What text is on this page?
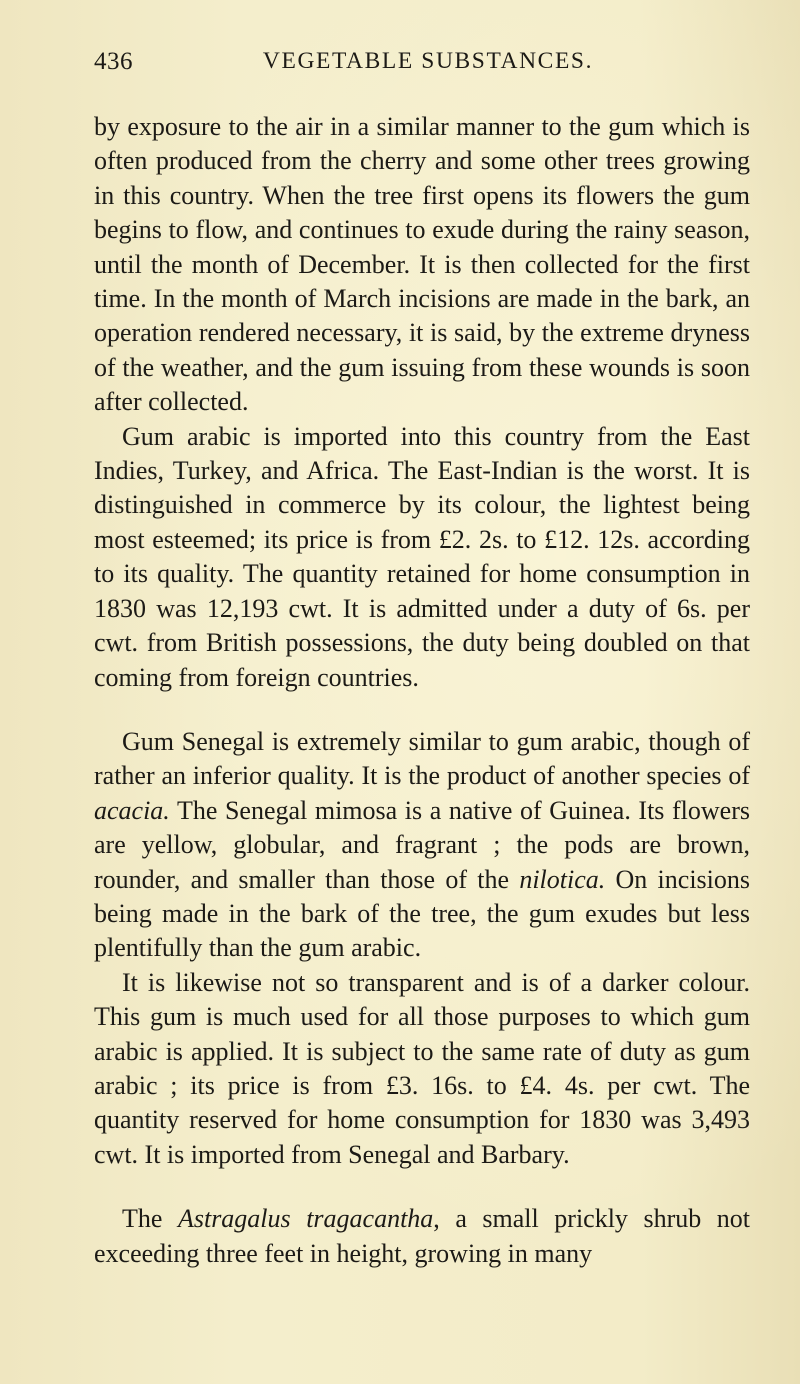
436	VEGETABLE SUBSTANCES.

by exposure to the air in a similar manner to the gum which is often produced from the cherry and some other trees growing in this country. When the tree first opens its flowers the gum begins to flow, and continues to exude during the rainy season, until the month of December. It is then collected for the first time. In the month of March incisions are made in the bark, an operation rendered necessary, it is said, by the extreme dryness of the weather, and the gum issuing from these wounds is soon after collected.

Gum arabic is imported into this country from the East Indies, Turkey, and Africa. The East-Indian is the worst. It is distinguished in commerce by its colour, the lightest being most esteemed; its price is from £2. 2s. to £12. 12s. according to its quality. The quantity retained for home consumption in 1830 was 12,193 cwt. It is admitted under a duty of 6s. per cwt. from British possessions, the duty being doubled on that coming from foreign countries.

Gum Senegal is extremely similar to gum arabic, though of rather an inferior quality. It is the product of another species of acacia. The Senegal mimosa is a native of Guinea. Its flowers are yellow, globular, and fragrant ; the pods are brown, rounder, and smaller than those of the nilotica. On incisions being made in the bark of the tree, the gum exudes but less plentifully than the gum arabic.

It is likewise not so transparent and is of a darker colour. This gum is much used for all those purposes to which gum arabic is applied. It is subject to the same rate of duty as gum arabic ; its price is from £3. 16s. to £4. 4s. per cwt. The quantity reserved for home consumption for 1830 was 3,493 cwt. It is imported from Senegal and Barbary.

The Astragalus tragacantha, a small prickly shrub not exceeding three feet in height, growing in many
